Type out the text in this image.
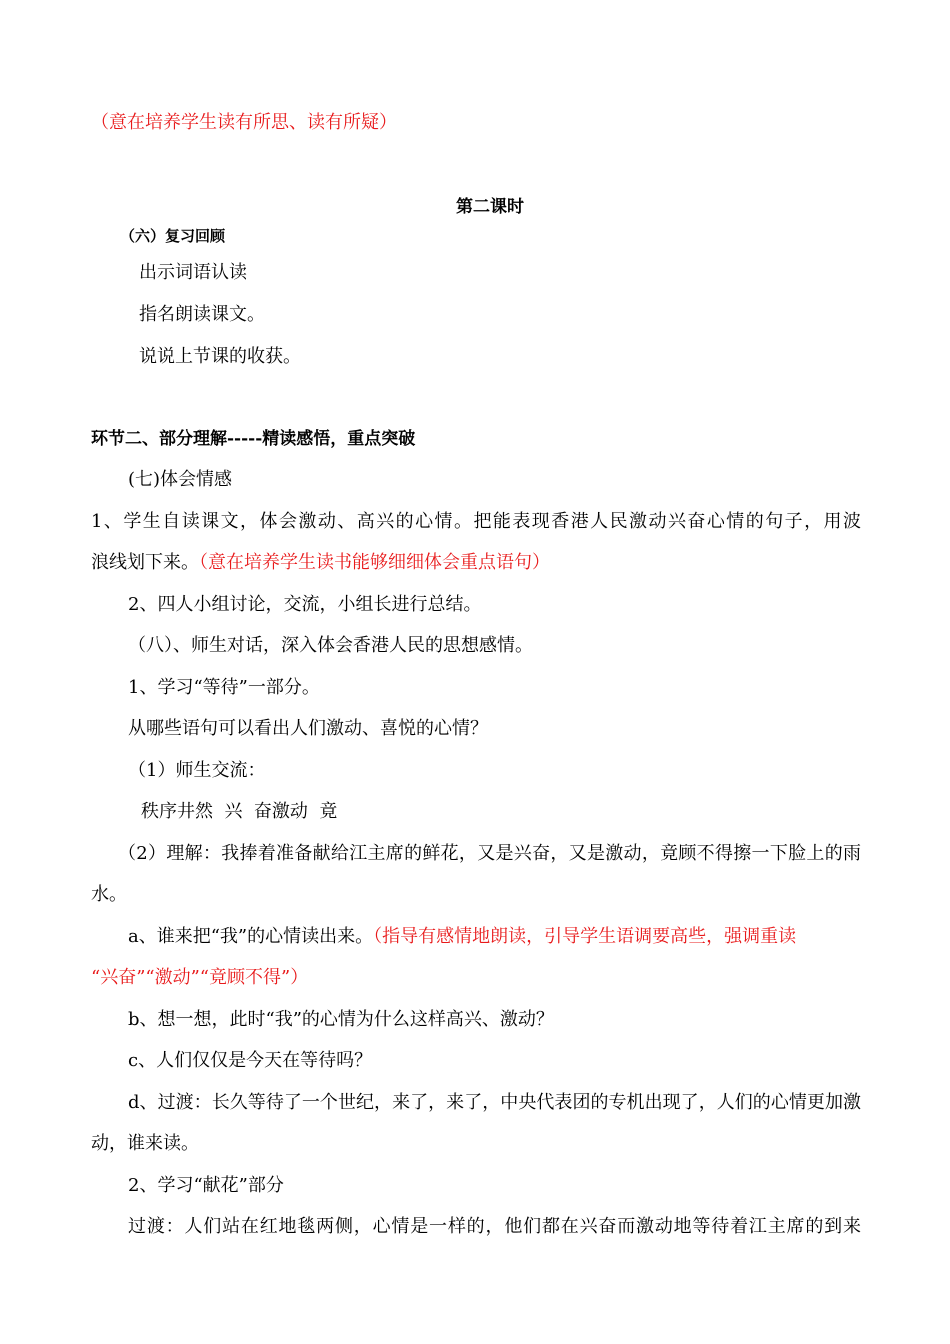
（意在培养学生读有所思、读有所疑）
第二课时
（六）复习回顾
出示词语认读
指名朗读课文。
说说上节课的收获。
环节二、部分理解-----精读感悟，重点突破
(七)体会情感
1、学生自读课文，体会激动、高兴的心情。把能表现香港人民激动兴奋心情的句子，用波
浪线划下来。（意在培养学生读书能够细细体会重点语句）
2、四人小组讨论，交流，小组长进行总结。
（八）、师生对话，深入体会香港人民的思想感情。
1、学习“等待”一部分。
从哪些语句可以看出人们激动、喜悦的心情？
（1）师生交流：
秩序井然  兴  奋激动  竟
（2）理解：我捧着准备献给江主席的鲜花，又是兴奋，又是激动，竟顾不得擦一下脸上的雨
水。
a、谁来把“我”的心情读出来。（指导有感情地朗读，引导学生语调要高些，强调重读
“兴奋”“激动”“竟顾不得”）
b、想一想，此时“我”的心情为什么这样高兴、激动？
c、人们仅仅是今天在等待吗？
d、过渡：长久等待了一个世纪，来了，来了，中央代表团的专机出现了，人们的心情更加激
动，谁来读。
2、学习“献花”部分
过渡：人们站在红地毯两侧，心情是一样的，他们都在兴奋而激动地等待着江主席的到来
